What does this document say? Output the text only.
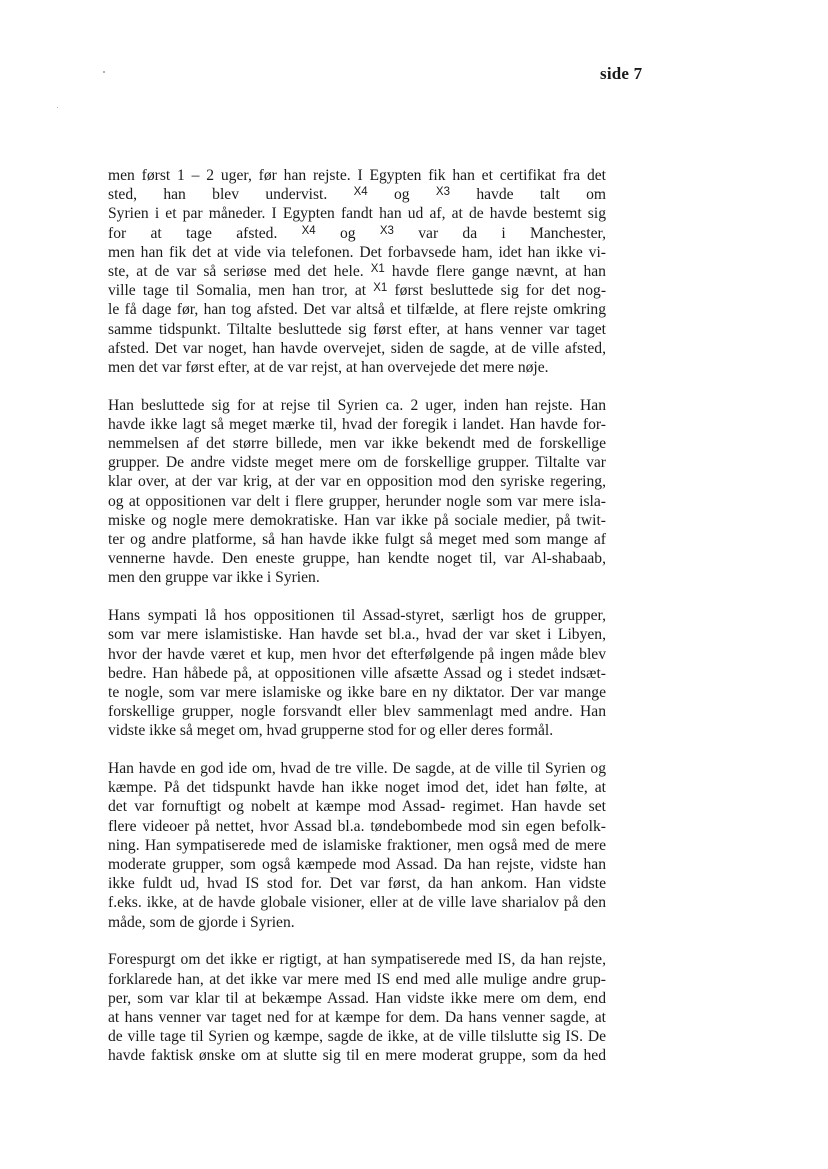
side 7
men først 1 – 2 uger, før han rejste. I Egypten fik han et certifikat fra det
sted, han blev undervist. $^{X4}$ og $^{X3}$ havde talt om
Syrien i et par måneder. I Egypten fandt han ud af, at de havde bestemt sig
for at tage afsted. $^{X4}$ og $^{X3}$ var da i Manchester,
men han fik det at vide via telefonen. Det forbavsede ham, idet han ikke vi-
ste, at de var så seriøse med det hele. $^{X1}$ havde flere gange nævnt, at han
ville tage til Somalia, men han tror, at $^{X1}$ først besluttede sig for det nog-
le få dage før, han tog afsted. Det var altså et tilfælde, at flere rejste omkring
samme tidspunkt. Tiltalte besluttede sig først efter, at hans venner var taget
afsted. Det var noget, han havde overvejet, siden de sagde, at de ville afsted,
men det var først efter, at de var rejst, at han overvejede det mere nøje.
Han besluttede sig for at rejse til Syrien ca. 2 uger, inden han rejste. Han
havde ikke lagt så meget mærke til, hvad der foregik i landet. Han havde for-
nemmelsen af det større billede, men var ikke bekendt med de forskellige
grupper. De andre vidste meget mere om de forskellige grupper. Tiltalte var
klar over, at der var krig, at der var en opposition mod den syriske regering,
og at oppositionen var delt i flere grupper, herunder nogle som var mere isla-
miske og nogle mere demokratiske. Han var ikke på sociale medier, på twit-
ter og andre platforme, så han havde ikke fulgt så meget med som mange af
vennerne havde. Den eneste gruppe, han kendte noget til, var Al-shabaab,
men den gruppe var ikke i Syrien.
Hans sympati lå hos oppositionen til Assad-styret, særligt hos de grupper,
som var mere islamistiske. Han havde set bl.a., hvad der var sket i Libyen,
hvor der havde været et kup, men hvor det efterfølgende på ingen måde blev
bedre. Han håbede på, at oppositionen ville afsætte Assad og i stedet indsæt-
te nogle, som var mere islamiske og ikke bare en ny diktator. Der var mange
forskellige grupper, nogle forsvandt eller blev sammenlagt med andre. Han
vidste ikke så meget om, hvad grupperne stod for og eller deres formål.
Han havde en god ide om, hvad de tre ville. De sagde, at de ville til Syrien og
kæmpe. På det tidspunkt havde han ikke noget imod det, idet han følte, at
det var fornuftigt og nobelt at kæmpe mod Assad- regimet. Han havde set
flere videoer på nettet, hvor Assad bl.a. tøndebombede mod sin egen befolk-
ning. Han sympatiserede med de islamiske fraktioner, men også med de mere
moderate grupper, som også kæmpede mod Assad. Da han rejste, vidste han
ikke fuldt ud, hvad IS stod for. Det var først, da han ankom. Han vidste
f.eks. ikke, at de havde globale visioner, eller at de ville lave sharialov på den
måde, som de gjorde i Syrien.
Forespurgt om det ikke er rigtigt, at han sympatiserede med IS, da han rejste,
forklarede han, at det ikke var mere med IS end med alle mulige andre grup-
per, som var klar til at bekæmpe Assad. Han vidste ikke mere om dem, end
at hans venner var taget ned for at kæmpe for dem. Da hans venner sagde, at
de ville tage til Syrien og kæmpe, sagde de ikke, at de ville tilslutte sig IS. De
havde faktisk ønske om at slutte sig til en mere moderat gruppe, som da hed
